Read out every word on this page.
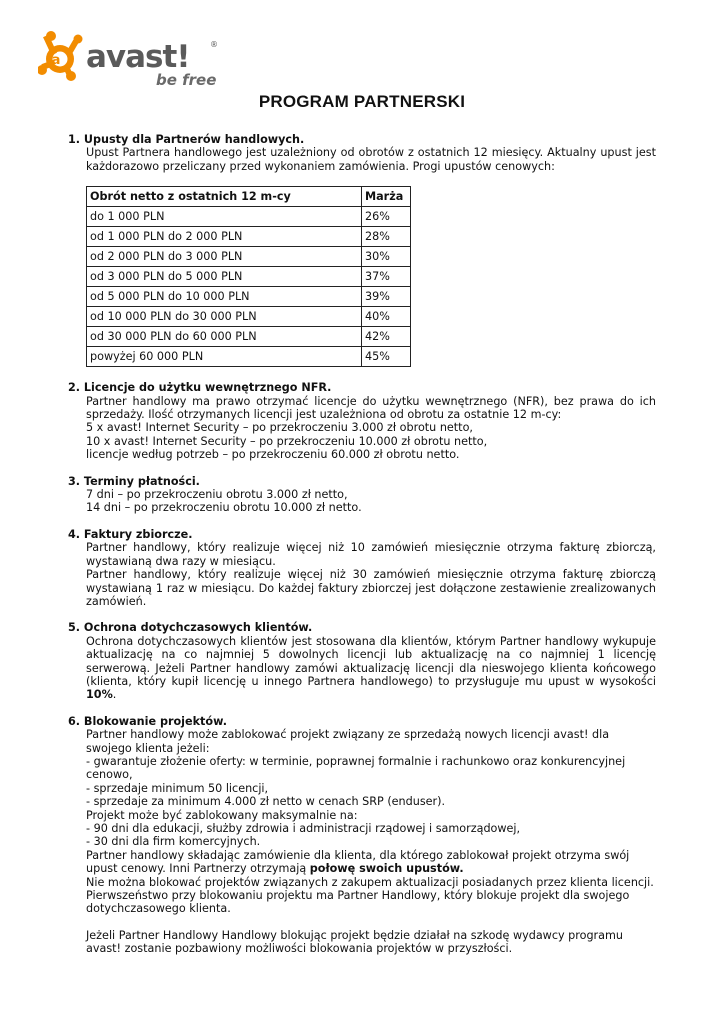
a avast!	®
be free
PROGRAM PARTNERSKI
1. Upusty dla Partnerów handlowych.
Upust Partnera handlowego jest uzależniony od obrotów z ostatnich 12 miesięcy. Aktualny upust jest każdorazowo przeliczany przed wykonaniem zamówienia. Progi upustów cenowych:
Obrót netto z ostatnich 12 m-cy	Marża
do 1 000 PLN	26%
od 1 000 PLN do 2 000 PLN	28%
od 2 000 PLN do 3 000 PLN	30%
od 3 000 PLN do 5 000 PLN	37%
od 5 000 PLN do 10 000 PLN	39%
od 10 000 PLN do 30 000 PLN	40%
od 30 000 PLN do 60 000 PLN	42%
powyżej 60 000 PLN	45%
2. Licencje do użytku wewnętrznego NFR.
Partner handlowy ma prawo otrzymać licencje do użytku wewnętrznego (NFR), bez prawa do ich sprzedaży. Ilość otrzymanych licencji jest uzależniona od obrotu za ostatnie 12 m-cy:
5 x avast! Internet Security – po przekroczeniu 3.000 zł obrotu netto,
10 x avast! Internet Security – po przekroczeniu 10.000 zł obrotu netto,
licencje według potrzeb – po przekroczeniu 60.000 zł obrotu netto.
3. Terminy płatności.
7 dni – po przekroczeniu obrotu 3.000 zł netto,
14 dni – po przekroczeniu obrotu 10.000 zł netto.
4. Faktury zbiorcze.
Partner handlowy, który realizuje więcej niż 10 zamówień miesięcznie otrzyma fakturę zbiorczą, wystawianą dwa razy w miesiącu.
Partner handlowy, który realizuje więcej niż 30 zamówień miesięcznie otrzyma fakturę zbiorczą wystawianą 1 raz w miesiącu. Do każdej faktury zbiorczej jest dołączone zestawienie zrealizowanych zamówień.
5. Ochrona dotychczasowych klientów.
Ochrona dotychczasowych klientów jest stosowana dla klientów, którym Partner handlowy wykupuje aktualizację na co najmniej 5 dowolnych licencji lub aktualizację na co najmniej 1 licencję serwerową. Jeżeli Partner handlowy zamówi aktualizację licencji dla nieswojego klienta końcowego (klienta, który kupił licencję u innego Partnera handlowego) to przysługuje mu upust w wysokości 10%.
6. Blokowanie projektów.
Partner handlowy może zablokować projekt związany ze sprzedażą nowych licencji avast! dla swojego klienta jeżeli:
- gwarantuje złożenie oferty: w terminie, poprawnej formalnie i rachunkowo oraz konkurencyjnej cenowo,
- sprzedaje minimum 50 licencji,
- sprzedaje za minimum 4.000 zł netto w cenach SRP (enduser).
Projekt może być zablokowany maksymalnie na:
- 90 dni dla edukacji, służby zdrowia i administracji rządowej i samorządowej,
- 30 dni dla firm komercyjnych.
Partner handlowy składając zamówienie dla klienta, dla którego zablokował projekt otrzyma swój
upust cenowy. Inni Partnerzy otrzymają połowę swoich upustów.
Nie można blokować projektów związanych z zakupem aktualizacji posiadanych przez klienta licencji.
Pierwszeństwo przy blokowaniu projektu ma Partner Handlowy, który blokuje projekt dla swojego dotychczasowego klienta.
Jeżeli Partner Handlowy Handlowy blokując projekt będzie działał na szkodę wydawcy programu avast! zostanie pozbawiony możliwości blokowania projektów w przyszłości.
